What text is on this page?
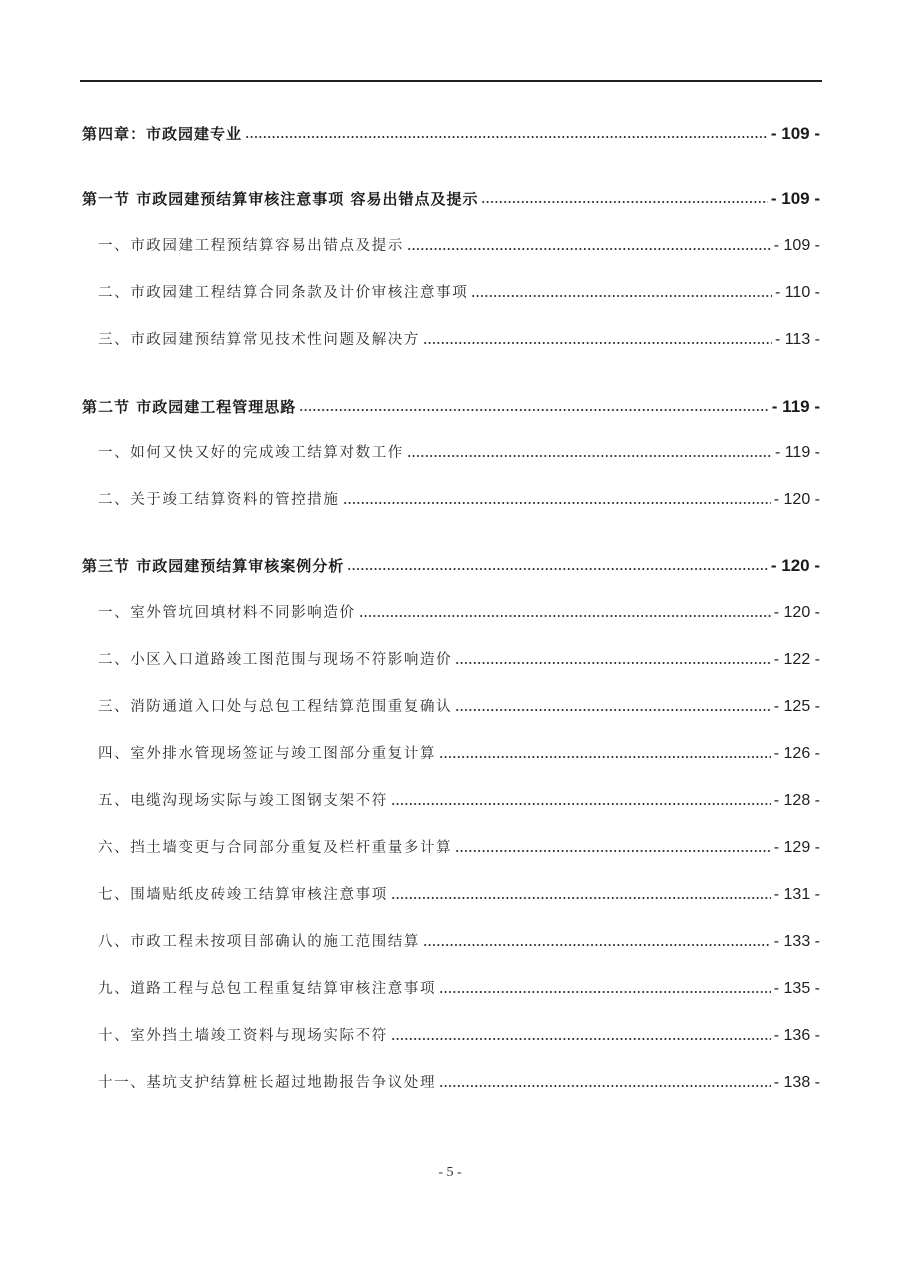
第四章：市政园建专业	- 109 -
第一节 市政园建预结算审核注意事项 容易出错点及提示	- 109 -
一、市政园建工程预结算容易出错点及提示	- 109 -
二、市政园建工程结算合同条款及计价审核注意事项	- 110 -
三、市政园建预结算常见技术性问题及解决方	- 113 -
第二节 市政园建工程管理思路	- 119 -
一、如何又快又好的完成竣工结算对数工作	- 119 -
二、关于竣工结算资料的管控措施	- 120 -
第三节 市政园建预结算审核案例分析	- 120 -
一、室外管坑回填材料不同影响造价	- 120 -
二、小区入口道路竣工图范围与现场不符影响造价	- 122 -
三、消防通道入口处与总包工程结算范围重复确认	- 125 -
四、室外排水管现场签证与竣工图部分重复计算	- 126 -
五、电缆沟现场实际与竣工图钢支架不符	- 128 -
六、挡土墙变更与合同部分重复及栏杆重量多计算	- 129 -
七、围墙贴纸皮砖竣工结算审核注意事项	- 131 -
八、市政工程未按项目部确认的施工范围结算	- 133 -
九、道路工程与总包工程重复结算审核注意事项	- 135 -
十、室外挡土墙竣工资料与现场实际不符	- 136 -
十一、基坑支护结算桩长超过地勘报告争议处理	- 138 -
- 5 -
